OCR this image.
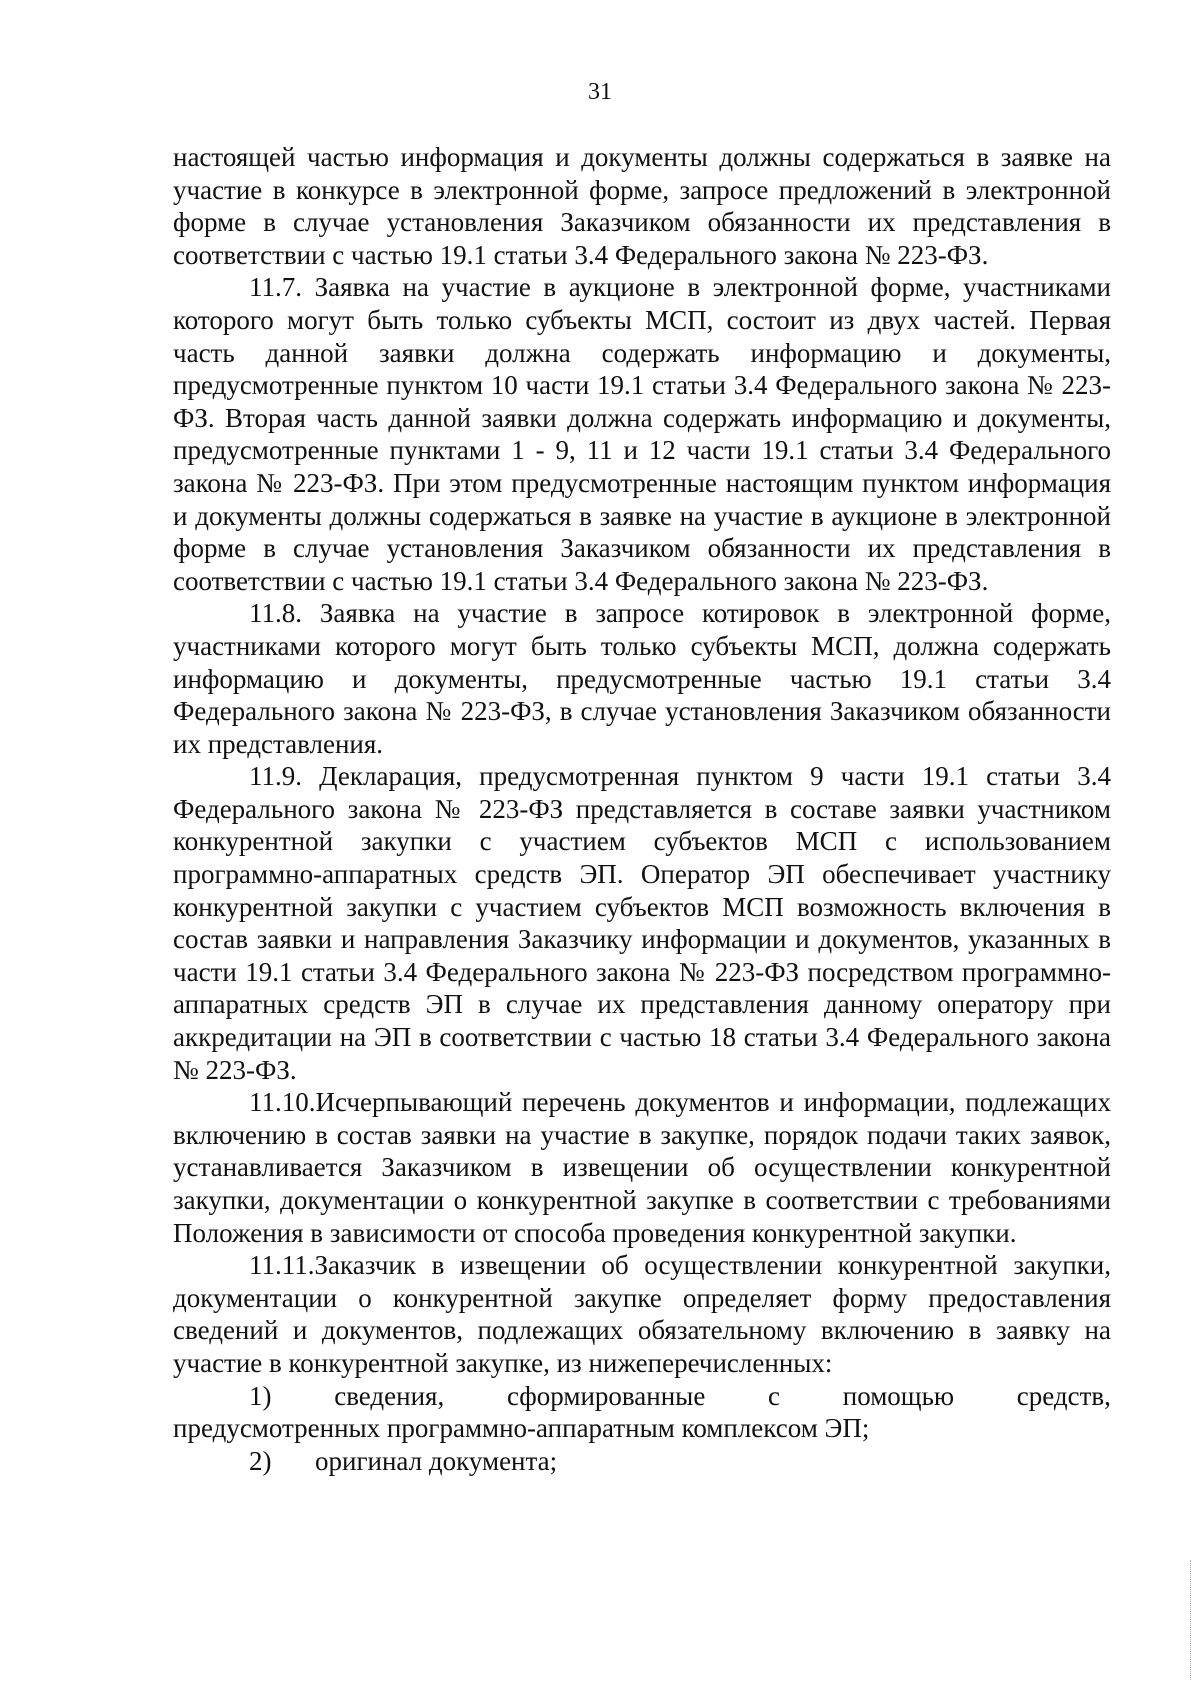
31

настоящей частью информация и документы должны содержаться в заявке на участие в конкурсе в электронной форме, запросе предложений в электронной форме в случае установления Заказчиком обязанности их представления в соответствии с частью 19.1 статьи 3.4 Федерального закона № 223-ФЗ.

11.7. Заявка на участие в аукционе в электронной форме, участниками которого могут быть только субъекты МСП, состоит из двух частей. Первая часть данной заявки должна содержать информацию и документы, предусмотренные пунктом 10 части 19.1 статьи 3.4 Федерального закона № 223-ФЗ. Вторая часть данной заявки должна содержать информацию и документы, предусмотренные пунктами 1 - 9, 11 и 12 части 19.1 статьи 3.4 Федерального закона № 223-ФЗ. При этом предусмотренные настоящим пунктом информация и документы должны содержаться в заявке на участие в аукционе в электронной форме в случае установления Заказчиком обязанности их представления в соответствии с частью 19.1 статьи 3.4 Федерального закона № 223-ФЗ.

11.8. Заявка на участие в запросе котировок в электронной форме, участниками которого могут быть только субъекты МСП, должна содержать информацию и документы, предусмотренные частью 19.1 статьи 3.4 Федерального закона № 223-ФЗ, в случае установления Заказчиком обязанности их представления.

11.9. Декларация, предусмотренная пунктом 9 части 19.1 статьи 3.4 Федерального закона № 223-ФЗ представляется в составе заявки участником конкурентной закупки с участием субъектов МСП с использованием программно-аппаратных средств ЭП. Оператор ЭП обеспечивает участнику конкурентной закупки с участием субъектов МСП возможность включения в состав заявки и направления Заказчику информации и документов, указанных в части 19.1 статьи 3.4 Федерального закона № 223-ФЗ посредством программно-аппаратных средств ЭП в случае их представления данному оператору при аккредитации на ЭП в соответствии с частью 18 статьи 3.4 Федерального закона № 223-ФЗ.

11.10.Исчерпывающий перечень документов и информации, подлежащих включению в состав заявки на участие в закупке, порядок подачи таких заявок, устанавливается Заказчиком в извещении об осуществлении конкурентной закупки, документации о конкурентной закупке в соответствии с требованиями Положения в зависимости от способа проведения конкурентной закупки.

11.11.Заказчик в извещении об осуществлении конкурентной закупки, документации о конкурентной закупке определяет форму предоставления сведений и документов, подлежащих обязательному включению в заявку на участие в конкурентной закупке, из нижеперечисленных:

1) сведения, сформированные с помощью средств,
предусмотренных программно-аппаратным комплексом ЭП;
2) оригинал документа;
